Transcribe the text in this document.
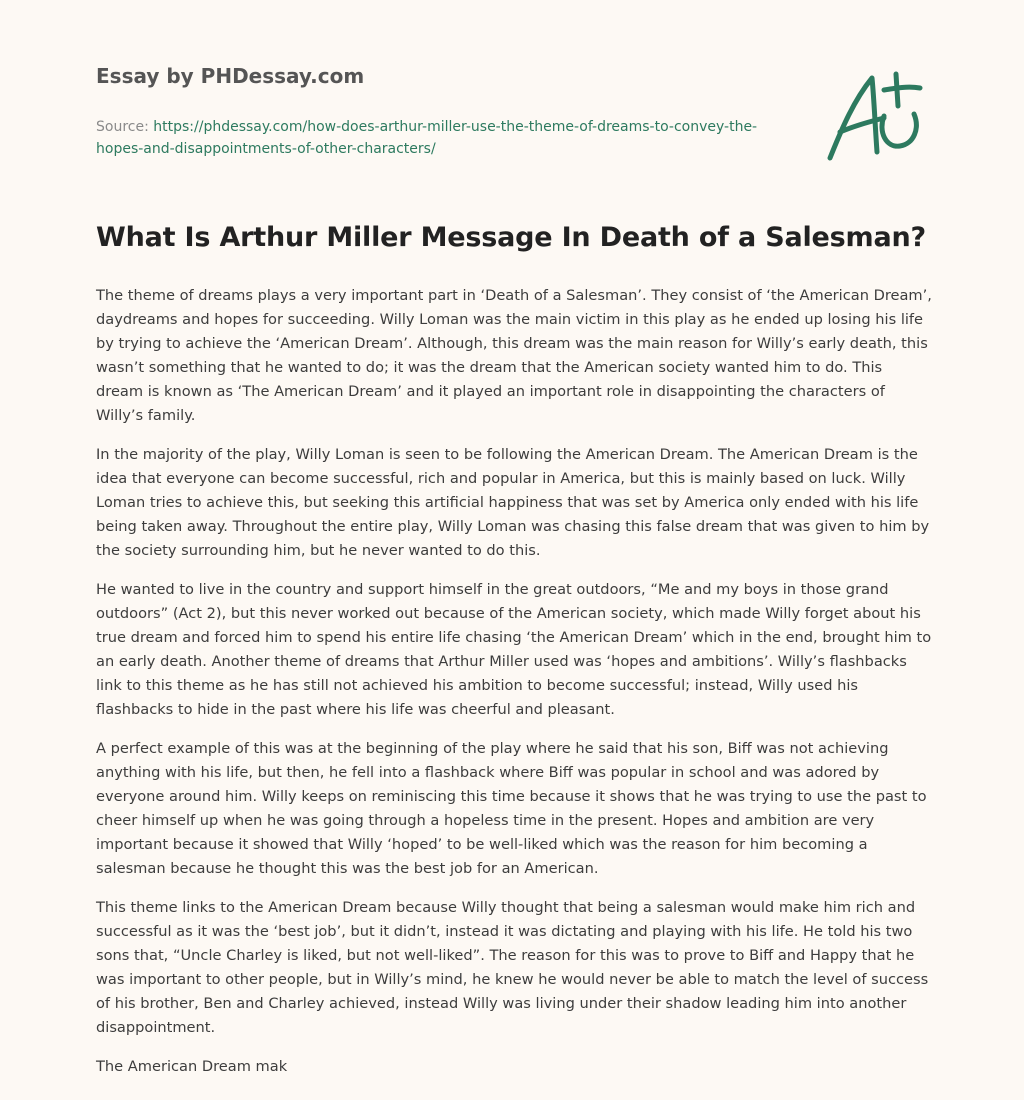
Essay by PHDessay.com
Source: https://phdessay.com/how-does-arthur-miller-use-the-theme-of-dreams-to-convey-the-hopes-and-disappointments-of-other-characters/
What Is Arthur Miller Message In Death of a Salesman?

The theme of dreams plays a very important part in ‘Death of a Salesman’. They consist of ‘the American Dream’, daydreams and hopes for succeeding. Willy Loman was the main victim in this play as he ended up losing his life by trying to achieve the ‘American Dream’. Although, this dream was the main reason for Willy’s early death, this wasn’t something that he wanted to do; it was the dream that the American society wanted him to do. This dream is known as ‘The American Dream’ and it played an important role in disappointing the characters of Willy’s family.

In the majority of the play, Willy Loman is seen to be following the American Dream. The American Dream is the idea that everyone can become successful, rich and popular in America, but this is mainly based on luck. Willy Loman tries to achieve this, but seeking this artificial happiness that was set by America only ended with his life being taken away. Throughout the entire play, Willy Loman was chasing this false dream that was given to him by the society surrounding him, but he never wanted to do this.

He wanted to live in the country and support himself in the great outdoors, “Me and my boys in those grand outdoors” (Act 2), but this never worked out because of the American society, which made Willy forget about his true dream and forced him to spend his entire life chasing ‘the American Dream’ which in the end, brought him to an early death. Another theme of dreams that Arthur Miller used was ‘hopes and ambitions’. Willy’s flashbacks link to this theme as he has still not achieved his ambition to become successful; instead, Willy used his flashbacks to hide in the past where his life was cheerful and pleasant.

A perfect example of this was at the beginning of the play where he said that his son, Biff was not achieving anything with his life, but then, he fell into a flashback where Biff was popular in school and was adored by everyone around him. Willy keeps on reminiscing this time because it shows that he was trying to use the past to cheer himself up when he was going through a hopeless time in the present. Hopes and ambition are very important because it showed that Willy ‘hoped’ to be well-liked which was the reason for him becoming a salesman because he thought this was the best job for an American.

This theme links to the American Dream because Willy thought that being a salesman would make him rich and successful as it was the ‘best job’, but it didn’t, instead it was dictating and playing with his life. He told his two sons that, “Uncle Charley is liked, but not well-liked”. The reason for this was to prove to Biff and Happy that he was important to other people, but in Willy’s mind, he knew he would never be able to match the level of success of his brother, Ben and Charley achieved, instead Willy was living under their shadow leading him into another disappointment.

The American Dream mak
